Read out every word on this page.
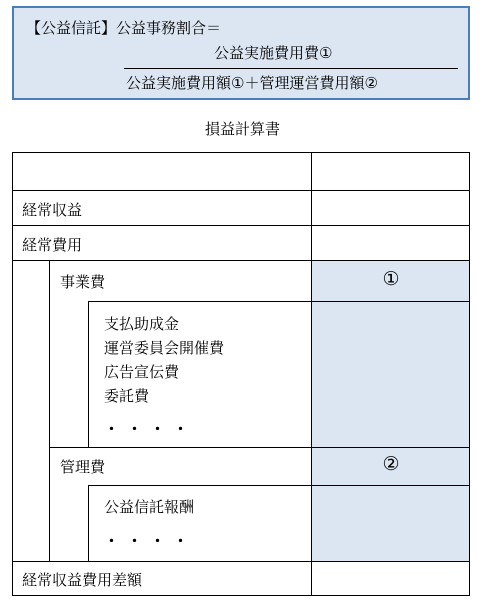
【公益信託】公益事務割合＝
公益実施費用費①
公益実施費用額①＋管理運営費用額②
損益計算書
経常収益
経常費用
事業費	①
支払助成金
運営委員会開催費
広告宣伝費
委託費
・・・・
管理費	②
公益信託報酬
・・・・
経常収益費用差額
